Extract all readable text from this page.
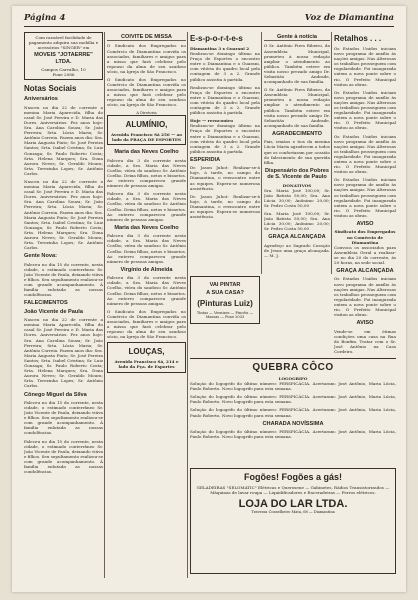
Página 4	Voz de Diamantina
Com razoável facilidade de pagamento adquira sua mobília e acessórios "SINGER" em
MOVEIS "JOTAERRE" LTDA.
Campos Carvalho, 10
Fone 2086
Notas Sociais
Aniversários

Nasceu no dia 22 de corrente a menina Maria Aparecida, filha do casal Sr. José Pereira e D. Maria das Dores. Aniversários: Fez anos hoje: Sra. Ana Carolina Souza; Sr. João Ferreira; Srta. Lúcia Maria; Sr. Antônio Correia. Fazem anos dia: Sra. Maria Augusta Pinto; Sr. José Pereira Santos; Srta. Isabel Cristina; Sr. Luiz Gonzaga; Sr. Paulo Roberto Costa; Srta. Helena Marques; Sra. Dona Aurora Neves; Sr. Geraldo Moura; Srta. Terezinha Lopes; Sr. Antônio Carlos.

Nasceu no dia 22 de corrente a menina Maria Aparecida, filha do casal Sr. José Pereira e D. Maria das Dores. Aniversários: Fez anos hoje: Sra. Ana Carolina Souza; Sr. João Ferreira; Srta. Lúcia Maria; Sr. Antônio Correia. Fazem anos dia: Sra. Maria Augusta Pinto; Sr. José Pereira Santos; Srta. Isabel Cristina; Sr. Luiz Gonzaga; Sr. Paulo Roberto Costa; Srta. Helena Marques; Sra. Dona Aurora Neves; Sr. Geraldo Moura; Srta. Terezinha Lopes; Sr. Antônio Carlos.

Gente Nova:

Faleceu no dia 15 do corrente, nesta cidade, o estimado conterrâneo Sr. João Vicente de Paula, deixando viúva e filhos. Seu sepultamento realizou-se com grande acompanhamento. À família enlutada as nossas condolências.

FALECIMENTOS
João Vicente de Paula

Nasceu no dia 22 de corrente a menina Maria Aparecida, filha do casal Sr. José Pereira e D. Maria das Dores. Aniversários: Fez anos hoje: Sra. Ana Carolina Souza; Sr. João Ferreira; Srta. Lúcia Maria; Sr. Antônio Correia. Fazem anos dia: Sra. Maria Augusta Pinto; Sr. José Pereira Santos; Srta. Isabel Cristina; Sr. Luiz Gonzaga; Sr. Paulo Roberto Costa; Srta. Helena Marques; Sra. Dona Aurora Neves; Sr. Geraldo Moura; Srta. Terezinha Lopes; Sr. Antônio Carlos.

Cônego Miguel da Silva

Faleceu no dia 15 do corrente, nesta cidade, o estimado conterrâneo Sr. João Vicente de Paula, deixando viúva e filhos. Seu sepultamento realizou-se com grande acompanhamento. À família enlutada as nossas condolências.

Faleceu no dia 15 do corrente, nesta cidade, o estimado conterrâneo Sr. João Vicente de Paula, deixando viúva e filhos. Seu sepultamento realizou-se com grande acompanhamento. À família enlutada as nossas condolências.

COIVITE DE MISSA

O Sindicato dos Empregados no Comércio de Diamantina convida os associados, familiares e amigos para a missa que fará celebrar pelo repouso da alma de seu saudoso sócio, na Igreja de São Francisco.

O Sindicato dos Empregados no Comércio de Diamantina convida os associados, familiares e amigos para a missa que fará celebrar pelo repouso da alma de seu saudoso sócio, na Igreja de São Francisco.

A Diretoria
ALUMÍNIO,
Avenida Francisco Sá 256 — ao lado da PRAÇA DE ESPORTES
Maria das Neves Coelho

Faleceu dia 3 do corrente nesta cidade, a Sra. Maria das Neves Coelho, viúva do saudoso Sr. Antônio Coelho. Deixa filhos, netos e bisnetos. Ao enterro compareceu grande número de pessoas amigas.

Faleceu dia 3 do corrente nesta cidade, a Sra. Maria das Neves Coelho, viúva do saudoso Sr. Antônio Coelho. Deixa filhos, netos e bisnetos. Ao enterro compareceu grande número de pessoas amigas.

Maria das Neves Coelho

Faleceu dia 3 do corrente nesta cidade, a Sra. Maria das Neves Coelho, viúva do saudoso Sr. Antônio Coelho. Deixa filhos, netos e bisnetos. Ao enterro compareceu grande número de pessoas amigas.

Virgínio de Almeida

Faleceu dia 3 do corrente nesta cidade, a Sra. Maria das Neves Coelho, viúva do saudoso Sr. Antônio Coelho. Deixa filhos, netos e bisnetos. Ao enterro compareceu grande número de pessoas amigas.

O Sindicato dos Empregados no Comércio de Diamantina convida os associados, familiares e amigos para a missa que fará celebrar pelo repouso da alma de seu saudoso sócio, na Igreja de São Francisco.

LOUÇAS,
Avenida Francisco Sá, 214 e lado da Pça. de Esportes
E-s-p-o-r-t-e-s
Diamantina 3 x Guarani 2

Realizou-se domingo último na Praça de Esportes o encontro entre o Diamantina e o Guarani, com vitória do quadro local pela contagem de 3 a 2. Grande público assistiu à partida.

Realizou-se domingo último na Praça de Esportes o encontro entre o Diamantina e o Guarani, com vitória do quadro local pela contagem de 3 a 2. Grande público assistiu à partida.

Hoje — reencontro

Realizou-se domingo último na Praça de Esportes o encontro entre o Diamantina e o Guarani, com vitória do quadro local pela contagem de 3 a 2. Grande público assistiu à partida.

ESPERIDIA

Dr. Jason Juhot: Realizar-se-á hoje, à tarde, no campo do Diamantina, o reencontro entre as equipes. Espera-se numerosa assistência.

Dr. Jason Juhot: Realizar-se-á hoje, à tarde, no campo do Diamantina, o reencontro entre as equipes. Espera-se numerosa assistência.

Gente à notícia

O Sr. Antônio Pires Ribeiro, da Assembleia Municipal, prometeu à nossa redação ampliar o atendimento ao público. Também esteve em visita nosso prezado amigo Dr. Sebastião Andrade, acompanhado de sua família.

O Sr. Antônio Pires Ribeiro, da Assembleia Municipal, prometeu à nossa redação ampliar o atendimento ao público. Também esteve em visita nosso prezado amigo Dr. Sebastião Andrade, acompanhado de sua família.

AGRADECIMENTO

Pais, irmãos e tios da menina Lúcia Maria agradecem a todos que os confortaram por ocasião do falecimento de sua querida filha.

Dispensário dos Pobres de S. Vicente de Paulo
DONATIVOS

Sra. Maria José 100,00; Sr. João Batista 50,00; Sra. Ana Lúcia 30,00; Anônimo 20,00; Sr. Pedro Costa 50,00

Sra. Maria José 100,00; Sr. João Batista 50,00; Sra. Ana Lúcia 30,00; Anônimo 20,00; Sr. Pedro Costa 50,00

GRAÇA ALCANÇADA

Agradeço ao Sagrado Coração de Jesus uma graça alcançada. — M. J.

Retalhos . . .

Os Estados Unidos iniciam novo programa de auxílio às nações amigas. Nas Alterosas os trabalhos prosseguem com regularidade. Foi inaugurada ontem a nova ponte sobre o rio. O Prefeito Municipal visitou as obras.

Os Estados Unidos iniciam novo programa de auxílio às nações amigas. Nas Alterosas os trabalhos prosseguem com regularidade. Foi inaugurada ontem a nova ponte sobre o rio. O Prefeito Municipal visitou as obras.

Os Estados Unidos iniciam novo programa de auxílio às nações amigas. Nas Alterosas os trabalhos prosseguem com regularidade. Foi inaugurada ontem a nova ponte sobre o rio. O Prefeito Municipal visitou as obras.

Os Estados Unidos iniciam novo programa de auxílio às nações amigas. Nas Alterosas os trabalhos prosseguem com regularidade. Foi inaugurada ontem a nova ponte sobre o rio. O Prefeito Municipal visitou as obras.

AVISO
Sindicato dos Empregados no Comércio de Diamantina

Convoca os associados para Assembleia Geral a realizar-se no dia 20 do corrente, às 20 horas, na sede social.

GRAÇA ALCANÇADA

Os Estados Unidos iniciam novo programa de auxílio às nações amigas. Nas Alterosas os trabalhos prosseguem com regularidade. Foi inaugurada ontem a nova ponte sobre o rio. O Prefeito Municipal visitou as obras.

AVISO

Vende-se em ótimas condições uma casa na Rua do Bonfim. Tratar com o Sr. José Antônio na Casa Cordeiro.

VAI PINTAR
A SUA CASA?
(Pinturas Luiz)
Tintas — Vernizes — Pincéis — Massas — Fone 2033
QUEBRA CÔCO
LOGOGRIFO

Solução do logogrifo do último número: PERSPICÁCIA. Acertaram: José Antônio, Maria Lúcia, Paulo Roberto. Novo logogrifo para esta semana.

Solução do logogrifo do último número: PERSPICÁCIA. Acertaram: José Antônio, Maria Lúcia, Paulo Roberto. Novo logogrifo para esta semana.

Solução do logogrifo do último número: PERSPICÁCIA. Acertaram: José Antônio, Maria Lúcia, Paulo Roberto. Novo logogrifo para esta semana.

CHARADA NOVÍSSIMA

Solução do logogrifo do último número: PERSPICÁCIA. Acertaram: José Antônio, Maria Lúcia, Paulo Roberto. Novo logogrifo para esta semana.

Fogões! Fogões a gás!

GELADEIRAS "SELOMATIC" Elétricas e Querosene — Gabinetes, Rádios Transistorizados — Máquinas de lavar roupa — Liquidificadores e Enceradeiras — Ferros elétricos.

LOJA DO LAR LTDA.
Travessa Conselheiro Mata, 68 — Diamantina
